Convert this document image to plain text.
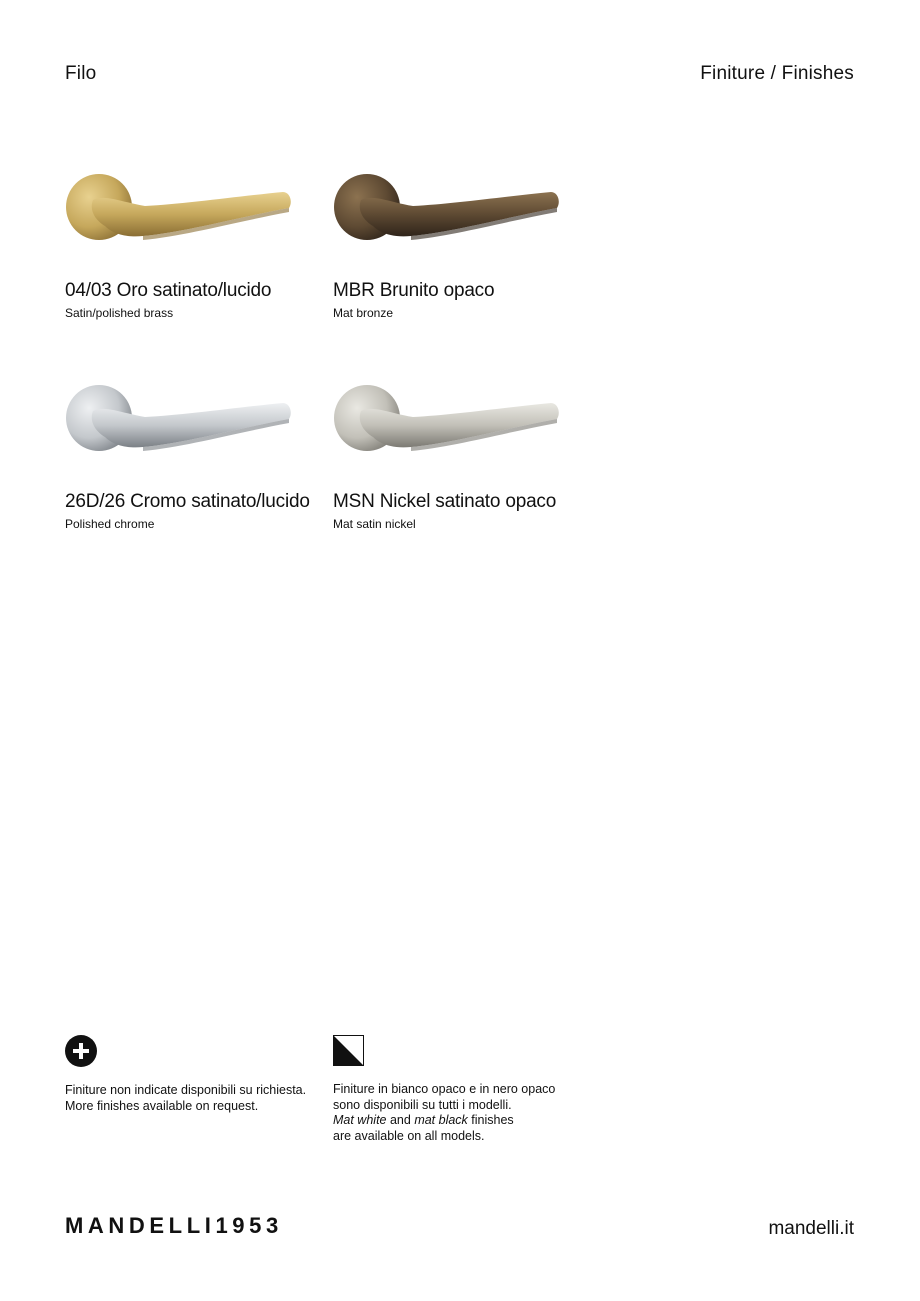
Filo	Finiture / Finishes
04/03 Oro satinato/lucido
Satin/polished brass
MBR Brunito opaco
Mat bronze
26D/26 Cromo satinato/lucido
Polished chrome
MSN Nickel satinato opaco
Mat satin nickel
Finiture non indicate disponibili su richiesta.
More finishes available on request.
Finiture in bianco opaco e in nero opaco
sono disponibili su tutti i modelli.
Mat white and mat black finishes
are available on all models.
MANDELLI1953	mandelli.it
